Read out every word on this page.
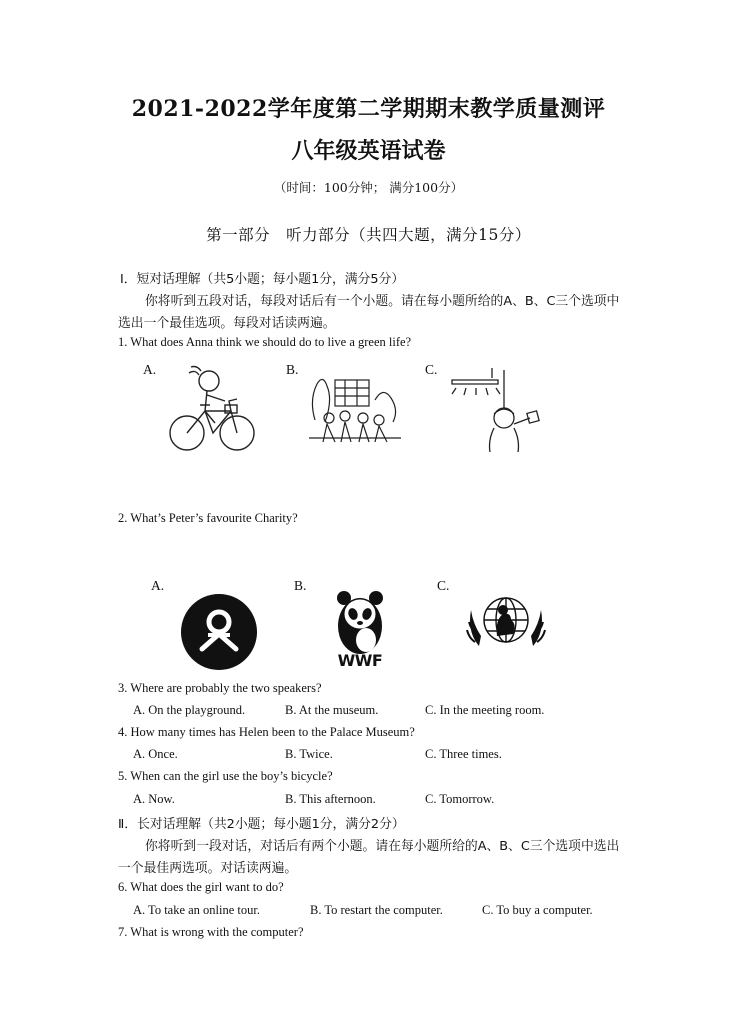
2021-2022学年度第二学期期末教学质量测评
八年级英语试卷
（时间：100分钟； 满分100分）
第一部分　听力部分（共四大题，满分15分）
Ⅰ．短对话理解（共5小题；每小题1分，满分5分）
你将听到五段对话，每段对话后有一个小题。请在每小题所给的A、B、C三个选项中
选出一个最佳选项。每段对话读两遍。
1. What does Anna think we should do to live a green life?
A.	B.	C.
2. What’s Peter’s favourite Charity?
A.	B.	C.
WWF
3. Where are probably the two speakers?
A. On the playground.	B. At the museum.	C. In the meeting room.
4. How many times has Helen been to the Palace Museum?
A. Once.	B. Twice.	C. Three times.
5. When can the girl use the boy’s bicycle?
A. Now.	B. This afternoon.	C. Tomorrow.
Ⅱ．长对话理解（共2小题；每小题1分，满分2分）
你将听到一段对话，对话后有两个小题。请在每小题所给的A、B、C三个选项中选出
一个最佳两选项。对话读两遍。
6. What does the girl want to do?
A. To take an online tour.	B. To restart the computer.	C. To buy a computer.
7. What is wrong with the computer?
